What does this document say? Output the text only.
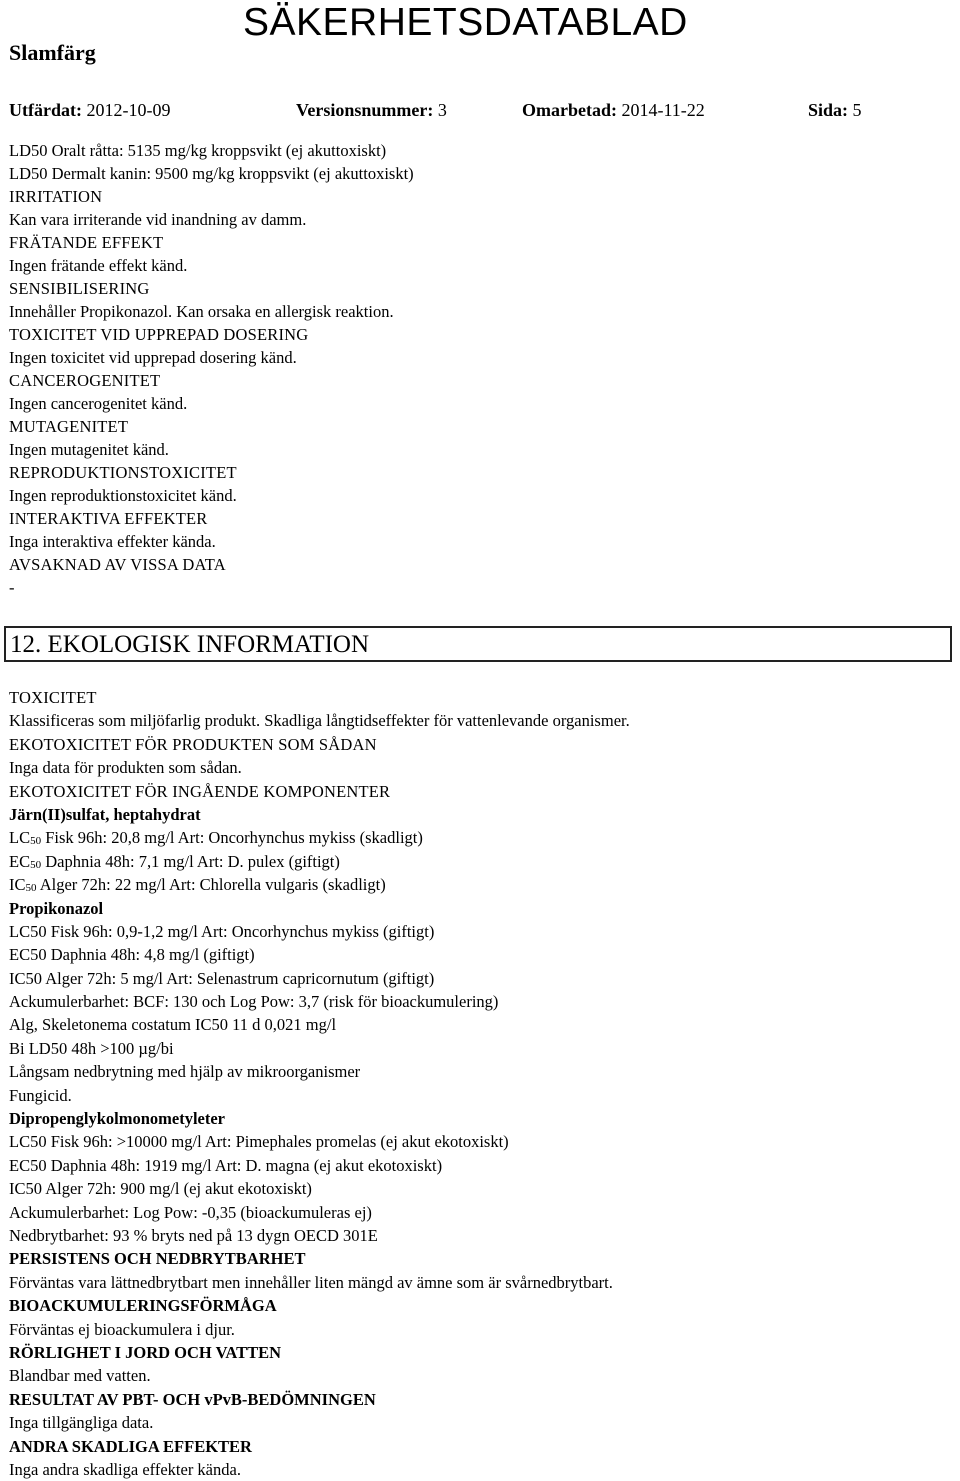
SÄKERHETSDATABLAD
Slamfärg
Utfärdat: 2012-10-09	Versionsnummer: 3	Omarbetad: 2014-11-22	Sida: 5
LD50 Oralt råtta: 5135 mg/kg kroppsvikt (ej akuttoxiskt)
LD50 Dermalt kanin: 9500 mg/kg kroppsvikt (ej akuttoxiskt)
IRRITATION
Kan vara irriterande vid inandning av damm.
FRÄTANDE EFFEKT
Ingen frätande effekt känd.
SENSIBILISERING
Innehåller Propikonazol. Kan orsaka en allergisk reaktion.
TOXICITET VID UPPREPAD DOSERING
Ingen toxicitet vid upprepad dosering känd.
CANCEROGENITET
Ingen cancerogenitet känd.
MUTAGENITET
Ingen mutagenitet känd.
REPRODUKTIONSTOXICITET
Ingen reproduktionstoxicitet känd.
INTERAKTIVA EFFEKTER
Inga interaktiva effekter kända.
AVSAKNAD AV VISSA DATA
-
12. EKOLOGISK INFORMATION
TOXICITET
Klassificeras som miljöfarlig produkt. Skadliga långtidseffekter för vattenlevande organismer.
EKOTOXICITET FÖR PRODUKTEN SOM SÅDAN
Inga data för produkten som sådan.
EKOTOXICITET FÖR INGÅENDE KOMPONENTER
Järn(II)sulfat, heptahydrat
$LC_{50}$ Fisk 96h: 20,8 mg/l Art: Oncorhynchus mykiss (skadligt)
$EC_{50}$ Daphnia 48h: 7,1 mg/l Art: D. pulex (giftigt)
$IC_{50}$ Alger 72h: 22 mg/l Art: Chlorella vulgaris (skadligt)
Propikonazol
LC50 Fisk 96h: 0,9-1,2 mg/l Art: Oncorhynchus mykiss (giftigt)
EC50 Daphnia 48h: 4,8 mg/l (giftigt)
IC50 Alger 72h: 5 mg/l Art: Selenastrum capricornutum (giftigt)
Ackumulerbarhet: BCF: 130 och Log Pow: 3,7 (risk för bioackumulering)
Alg, Skeletonema costatum IC50 11 d 0,021 mg/l
Bi LD50 48h >100 µg/bi
Långsam nedbrytning med hjälp av mikroorganismer
Fungicid.
Dipropenglykolmonometyleter
LC50 Fisk 96h: >10000 mg/l Art: Pimephales promelas (ej akut ekotoxiskt)
EC50 Daphnia 48h: 1919 mg/l Art: D. magna (ej akut ekotoxiskt)
IC50 Alger 72h: 900 mg/l (ej akut ekotoxiskt)
Ackumulerbarhet: Log Pow: -0,35 (bioackumuleras ej)
Nedbrytbarhet: 93 % bryts ned på 13 dygn OECD 301E
PERSISTENS OCH NEDBRYTBARHET
Förväntas vara lättnedbrytbart men innehåller liten mängd av ämne som är svårnedbrytbart.
BIOACKUMULERINGSFÖRMÅGA
Förväntas ej bioackumulera i djur.
RÖRLIGHET I JORD OCH VATTEN
Blandbar med vatten.
RESULTAT AV PBT- OCH vPvB-BEDÖMNINGEN
Inga tillgängliga data.
ANDRA SKADLIGA EFFEKTER
Inga andra skadliga effekter kända.
